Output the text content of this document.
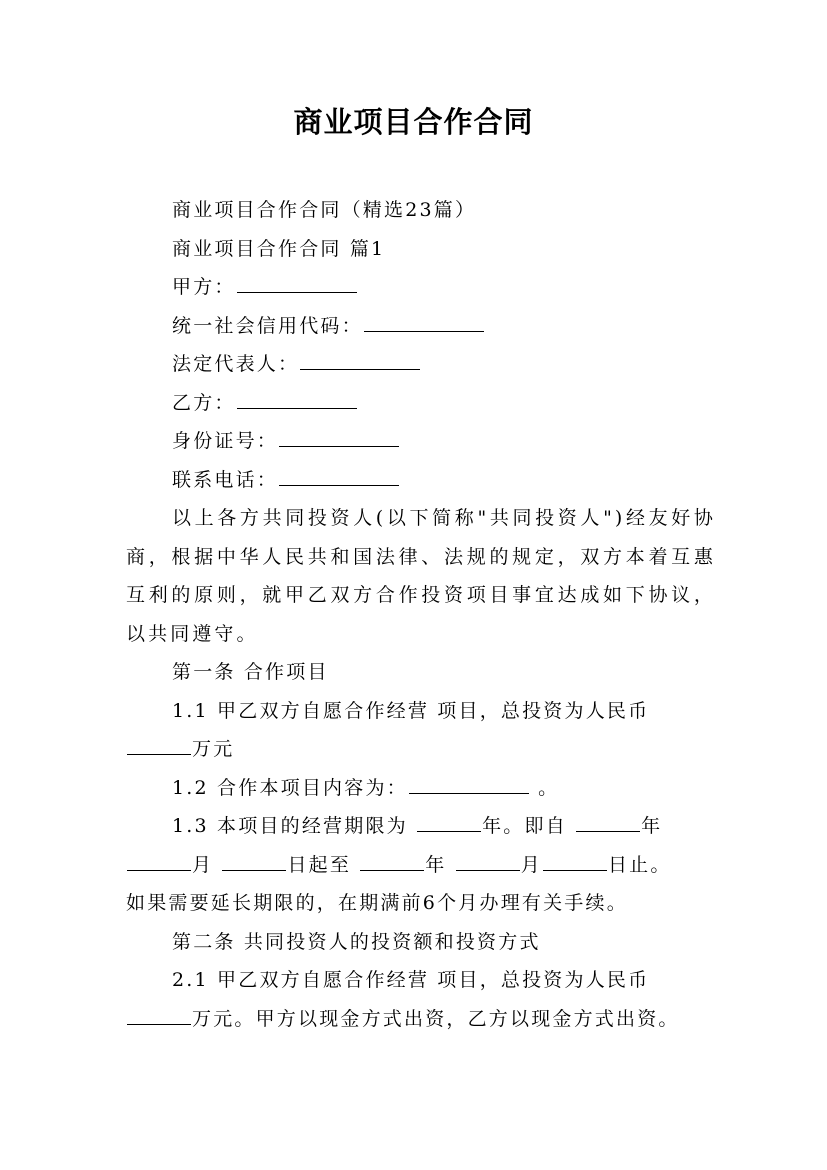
商业项目合作合同

商业项目合作合同（精选23篇）

商业项目合作合同 篇1

甲方：

统一社会信用代码：

法定代表人：

乙方：

身份证号：

联系电话：

以上各方共同投资人(以下简称"共同投资人")经友好协商，根据中华人民共和国法律、法规的规定，双方本着互惠互利的原则，就甲乙双方合作投资项目事宜达成如下协议，以共同遵守。

第一条 合作项目

1.1 甲乙双方自愿合作经营 项目，总投资为人民币

万元

1.2 合作本项目内容为：	。

1.3 本项目的经营期限为	年。即自	年

月	日起至	年	月	日止。

如果需要延长期限的，在期满前6个月办理有关手续。

第二条 共同投资人的投资额和投资方式

2.1 甲乙双方自愿合作经营 项目，总投资为人民币

万元。甲方以现金方式出资，乙方以现金方式出资。
